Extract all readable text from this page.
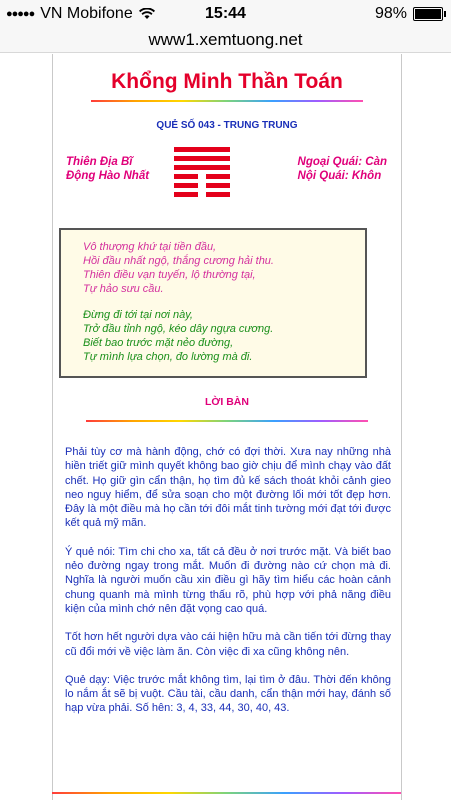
●●●●● VN Mobifone	15:44	98%
www1.xemtuong.net
Khổng Minh Thần Toán
QUẺ SỐ 043 - TRUNG TRUNG
Thiên Địa Bĩ
Động Hào Nhất
Ngoại Quái: Càn
Nội Quái: Khôn
Vô thượng khứ tại tiền đầu,
Hồi đầu nhất ngộ, thắng cương hải thu.
Thiên điều vạn tuyến, lộ thường tại,
Tự hảo sưu cầu.
Đừng đi tới tại nơi này,
Trở đầu tỉnh ngộ, kéo dây ngựa cương.
Biết bao trước mặt nẻo đường,
Tự mình lựa chọn, đo lường mà đi.
LỜI BÀN

Phải tùy cơ mà hành động, chớ có đợi thời. Xưa nay những nhà hiền triết giữ mình quyết không bao giờ chịu để mình chạy vào đất chết. Họ giữ gìn cẩn thận, họ tìm đủ kế sách thoát khỏi cảnh gieo neo nguy hiểm, để sửa soạn cho một đường lối mới tốt đẹp hơn. Đây là một điều mà họ cần tới đôi mắt tinh tường mới đạt tới được kết quả mỹ mãn.

Ý quẻ nói: Tìm chi cho xa, tất cả đều ở nơi trước mặt. Và biết bao nẻo đường ngay trong mắt. Muốn đi đường nào cứ chọn mà đi. Nghĩa là người muốn cầu xin điều gì hãy tìm hiểu các hoàn cảnh chung quanh mà mình từng thấu rõ, phù hợp với phả năng điều kiện của mình chớ nên đặt vọng cao quá.

Tốt hơn hết người dựa vào cái hiện hữu mà cần tiến tới đừng thay cũ đổi mới về việc làm ăn. Còn việc đi xa cũng không nên.

Quẻ dạy: Việc trước mắt không tìm, lại tìm ở đâu. Thời đến không lo nắm ắt sẽ bị vuột. Cầu tài, cầu danh, cẩn thận mới hay, đánh số hạp vừa phải. Số hên: 3, 4, 33, 44, 30, 40, 43.
